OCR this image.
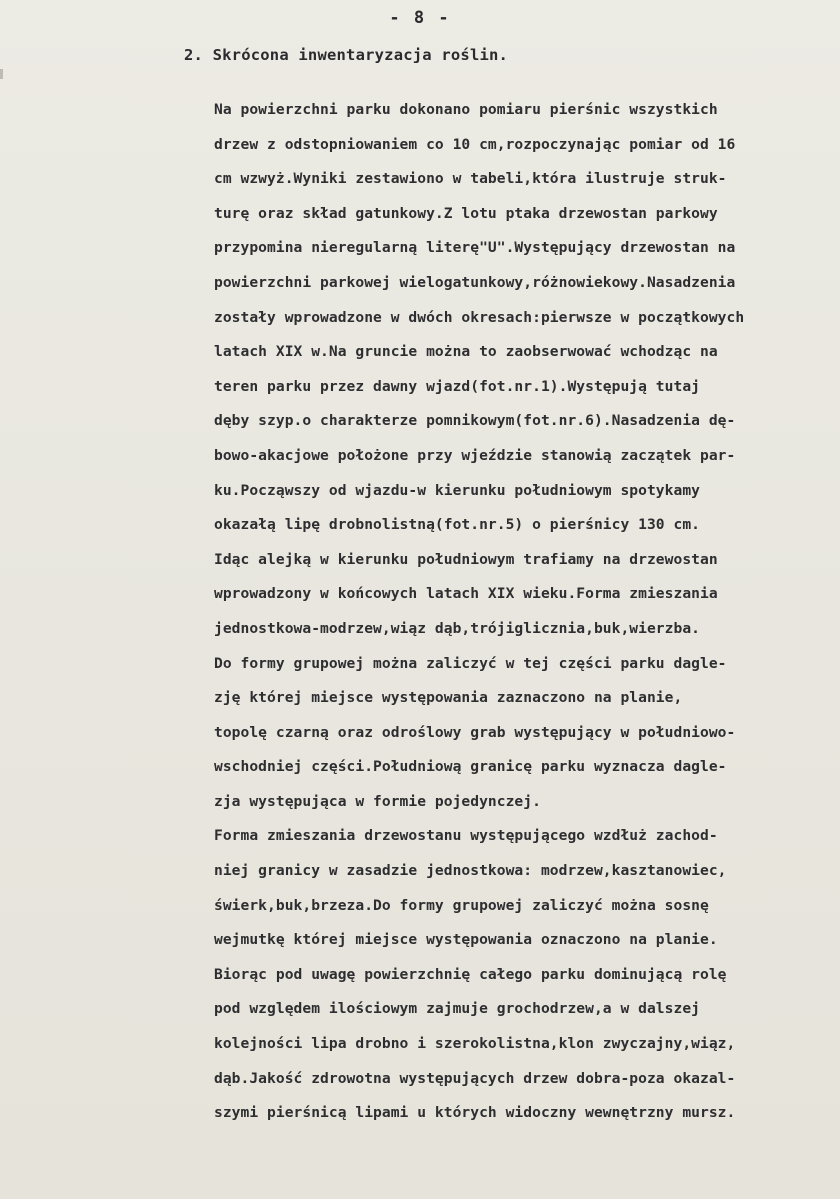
- 8 -
2. Skrócona inwentaryzacja roślin.
Na powierzchni parku dokonano pomiaru pierśnic wszystkich
drzew z odstopniowaniem co 10 cm,rozpoczynając pomiar od 16
cm wzwyż.Wyniki zestawiono w tabeli,która ilustruje struk-
turę oraz skład gatunkowy.Z lotu ptaka drzewostan parkowy
przypomina nieregularną literę"U".Występujący drzewostan na
powierzchni parkowej wielogatunkowy,różnowiekowy.Nasadzenia
zostały wprowadzone w dwóch okresach:pierwsze w początkowych
latach XIX w.Na gruncie można to zaobserwować wchodząc na
teren parku przez dawny wjazd(fot.nr.1).Występują tutaj
dęby szyp.o charakterze pomnikowym(fot.nr.6).Nasadzenia dę-
bowo-akacjowe położone przy wjeździe stanowią zaczątek par-
ku.Począwszy od wjazdu-w kierunku południowym spotykamy
okazałą lipę drobnolistną(fot.nr.5) o pierśnicy 130 cm.
Idąc alejką w kierunku południowym trafiamy na drzewostan
wprowadzony w końcowych latach XIX wieku.Forma zmieszania
jednostkowa-modrzew,wiąz dąb,trójiglicznia,buk,wierzba.
Do formy grupowej można zaliczyć w tej części parku dagle-
zję której miejsce występowania zaznaczono na planie,
topolę czarną oraz odroślowy grab występujący w południowo-
wschodniej części.Południową granicę parku wyznacza dagle-
zja występująca w formie pojedynczej.
Forma zmieszania drzewostanu występującego wzdłuż zachod-
niej granicy w zasadzie jednostkowa: modrzew,kasztanowiec,
świerk,buk,brzeza.Do formy grupowej zaliczyć można sosnę
wejmutkę której miejsce występowania oznaczono na planie.
Biorąc pod uwagę powierzchnię całego parku dominującą rolę
pod względem ilościowym zajmuje grochodrzew,a w dalszej
kolejności lipa drobno i szerokolistna,klon zwyczajny,wiąz,
dąb.Jakość zdrowotna występujących drzew dobra-poza okazal-
szymi pierśnicą lipami u których widoczny wewnętrzny mursz.
